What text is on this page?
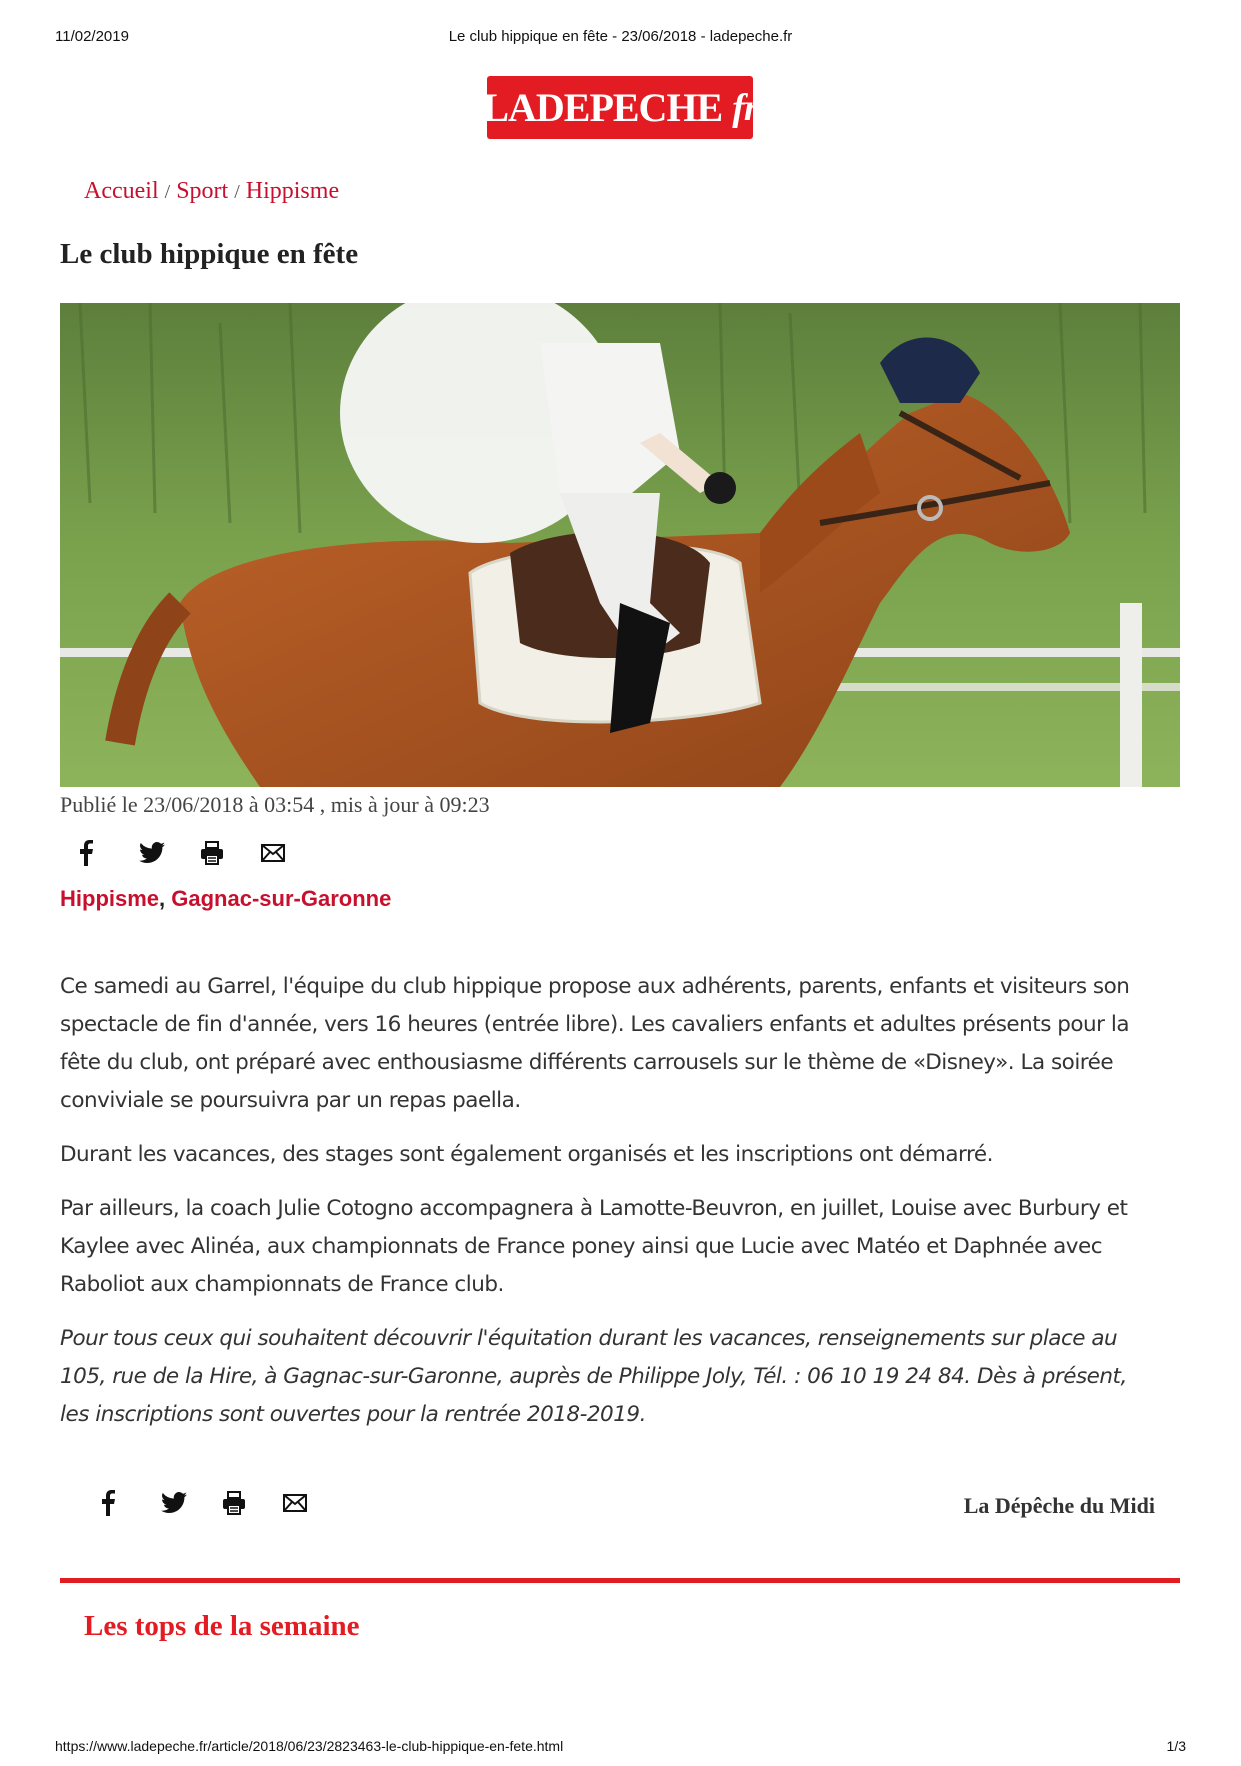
11/02/2019	Le club hippique en fête - 23/06/2018 - ladepeche.fr
LADEPECHE fr
Accueil / Sport / Hippisme
Le club hippique en fête
Publié le 23/06/2018 à 03:54 , mis à jour à 09:23
Hippisme, Gagnac-sur-Garonne

Ce samedi au Garrel, l'équipe du club hippique propose aux adhérents, parents, enfants et visiteurs son spectacle de fin d'année, vers 16 heures (entrée libre). Les cavaliers enfants et adultes présents pour la fête du club, ont préparé avec enthousiasme différents carrousels sur le thème de «Disney». La soirée conviviale se poursuivra par un repas paella.

Durant les vacances, des stages sont également organisés et les inscriptions ont démarré.

Par ailleurs, la coach Julie Cotogno accompagnera à Lamotte-Beuvron, en juillet, Louise avec Burbury et Kaylee avec Alinéa, aux championnats de France poney ainsi que Lucie avec Matéo et Daphnée avec Raboliot aux championnats de France club.

Pour tous ceux qui souhaitent découvrir l'équitation durant les vacances, renseignements sur place au 105, rue de la Hire, à Gagnac-sur-Garonne, auprès de Philippe Joly, Tél. : 06 10 19 24 84. Dès à présent, les inscriptions sont ouvertes pour la rentrée 2018-2019.

La Dépêche du Midi
Les tops de la semaine
https://www.ladepeche.fr/article/2018/06/23/2823463-le-club-hippique-en-fete.html	1/3
